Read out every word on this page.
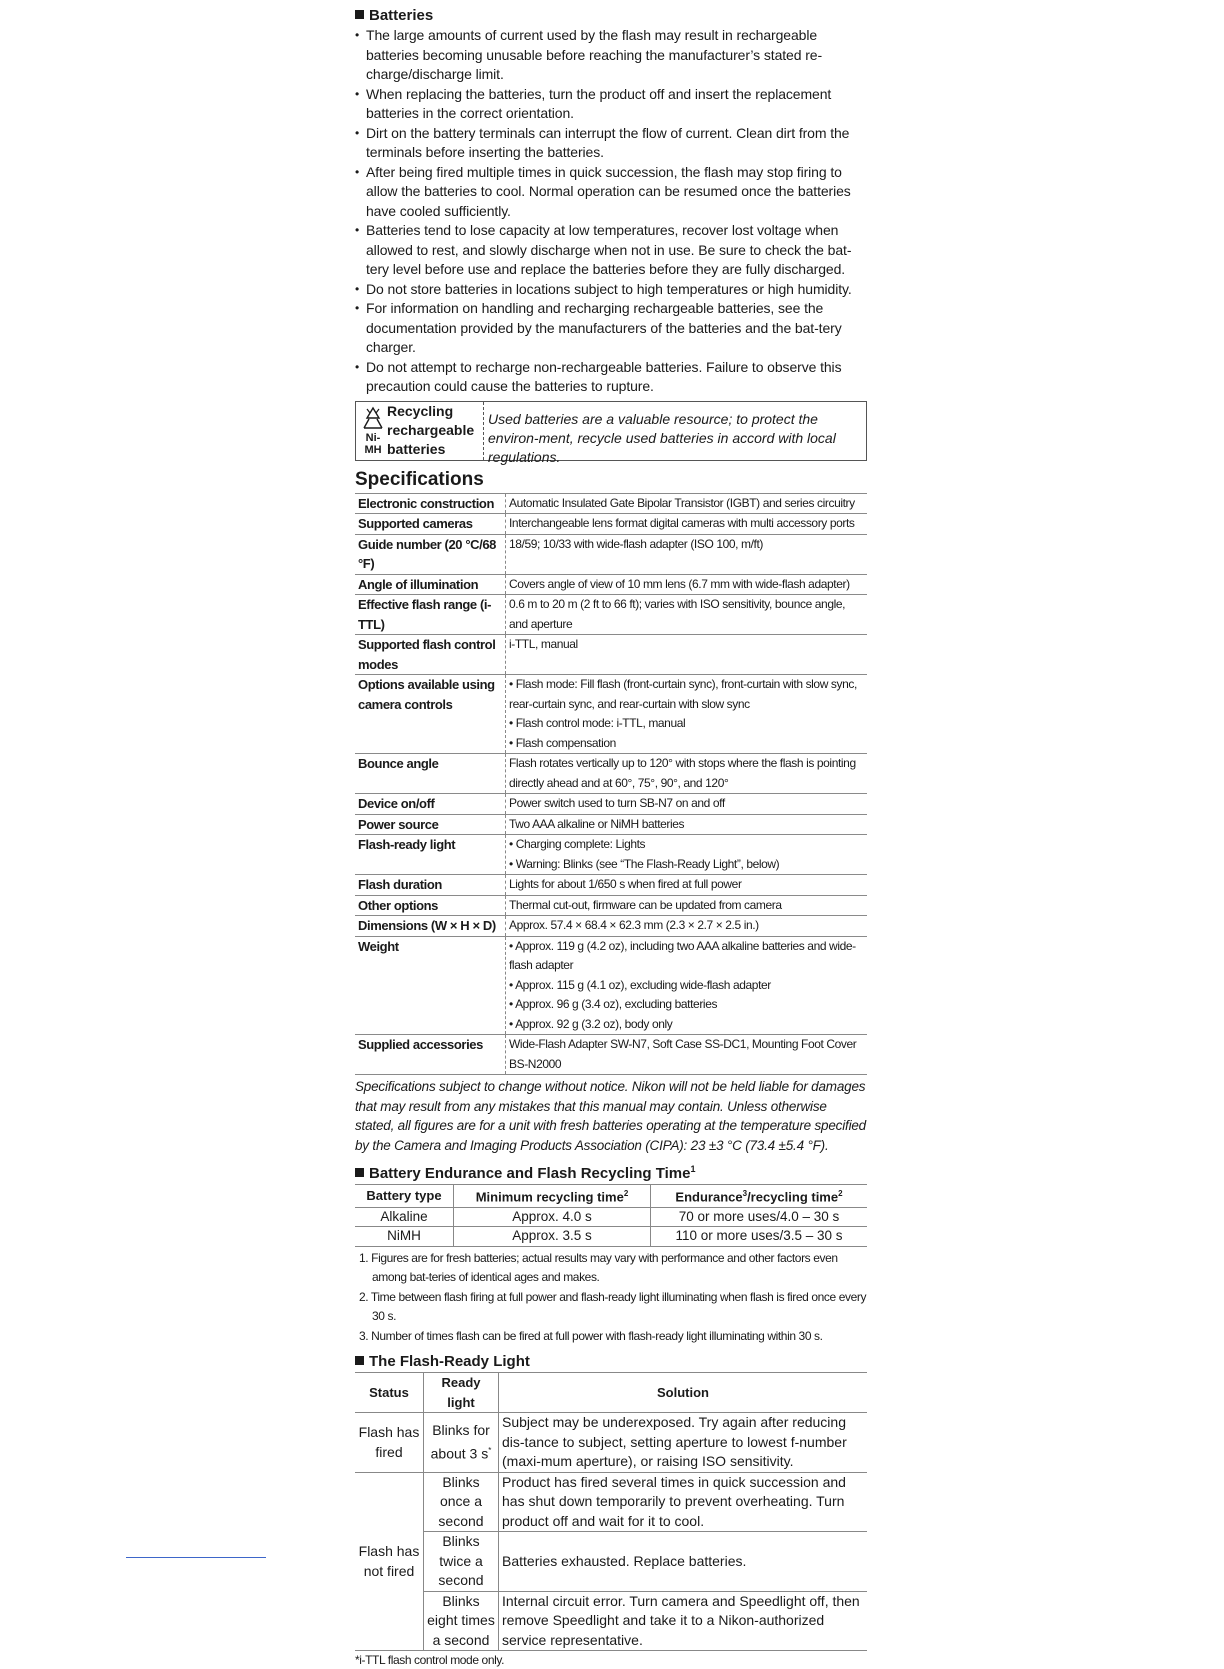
Batteries
• The large amounts of current used by the flash may result in rechargeable batteries becoming unusable before reaching the manufacturer’s stated re-charge/discharge limit.
• When replacing the batteries, turn the product off and insert the replacement batteries in the correct orientation.
• Dirt on the battery terminals can interrupt the flow of current. Clean dirt from the terminals before inserting the batteries.
• After being fired multiple times in quick succession, the flash may stop firing to allow the batteries to cool. Normal operation can be resumed once the batteries have cooled sufficiently.
• Batteries tend to lose capacity at low temperatures, recover lost voltage when allowed to rest, and slowly discharge when not in use. Be sure to check the bat-tery level before use and replace the batteries before they are fully discharged.
• Do not store batteries in locations subject to high temperatures or high humidity.
• For information on handling and recharging rechargeable batteries, see the documentation provided by the manufacturers of the batteries and the bat-tery charger.
• Do not attempt to recharge non-rechargeable batteries. Failure to observe this precaution could cause the batteries to rupture.
Ni-MH
Recycling rechargeable batteries
Used batteries are a valuable resource; to protect the environ-ment, recycle used batteries in accord with local regulations.
Specifications
Electronic construction	Automatic Insulated Gate Bipolar Transistor (IGBT) and series circuitry

Supported cameras	Interchangeable lens format digital cameras with multi accessory ports

Guide number (20 °C/68 °F)	18/59; 10/33 with wide-flash adapter (ISO 100, m/ft)

Angle of illumination	Covers angle of view of 10 mm lens (6.7 mm with wide-flash adapter)

Effective flash range (i-TTL)	0.6 m to 20 m (2 ft to 66 ft); varies with ISO sensitivity, bounce angle, and aperture

Supported flash control modes	i-TTL, manual

Options available using camera controls	• Flash mode: Fill flash (front-curtain sync), front-curtain with slow sync, rear-curtain sync, and rear-curtain with slow sync
• Flash control mode: i-TTL, manual
• Flash compensation

Bounce angle	Flash rotates vertically up to 120° with stops where the flash is pointing directly ahead and at 60°, 75°, 90°, and 120°

Device on/off	Power switch used to turn SB-N7 on and off

Power source	Two AAA alkaline or NiMH batteries

Flash-ready light	• Charging complete: Lights
• Warning: Blinks (see “The Flash-Ready Light”, below)

Flash duration	Lights for about 1/650 s when fired at full power

Other options	Thermal cut-out, firmware can be updated from camera

Dimensions (W × H × D)	Approx. 57.4 × 68.4 × 62.3 mm (2.3 × 2.7 × 2.5 in.)

Weight	• Approx. 119 g (4.2 oz), including two AAA alkaline batteries and wide-flash adapter
• Approx. 115 g (4.1 oz), excluding wide-flash adapter
• Approx. 96 g (3.4 oz), excluding batteries
• Approx. 92 g (3.2 oz), body only

Supplied accessories	Wide-Flash Adapter SW-N7, Soft Case SS-DC1, Mounting Foot Cover BS-N2000
Specifications subject to change without notice. Nikon will not be held liable for damages that may result from any mistakes that this manual may contain. Unless otherwise stated, all figures are for a unit with fresh batteries operating at the temperature specified by the Camera and Imaging Products Association (CIPA): 23 ±3 °C (73.4 ±5.4 °F).
Battery Endurance and Flash Recycling Time$^1$
Battery type	Minimum recycling time$^2$	Endurance$^3$/recycling time$^2$
Alkaline	Approx. 4.0 s	70 or more uses/4.0 – 30 s
NiMH	Approx. 3.5 s	110 or more uses/3.5 – 30 s
1. Figures are for fresh batteries; actual results may vary with performance and other factors even among bat-teries of identical ages and makes.
2. Time between flash firing at full power and flash-ready light illuminating when flash is fired once every 30 s.
3. Number of times flash can be fired at full power with flash-ready light illuminating within 30 s.
The Flash-Ready Light
Status	Ready light	Solution
Flash has fired	Blinks for about 3 s*	Subject may be underexposed. Try again after reducing dis-tance to subject, setting aperture to lowest f-number (maxi-mum aperture), or raising ISO sensitivity.
Flash has not fired	Blinks once a second	Product has fired several times in quick succession and has shut down temporarily to prevent overheating. Turn product off and wait for it to cool.
	Blinks twice a second	Batteries exhausted. Replace batteries.
	Blinks eight times a second	Internal circuit error. Turn camera and Speedlight off, then remove Speedlight and take it to a Nikon-authorized service representative.
*i-TTL flash control mode only.
